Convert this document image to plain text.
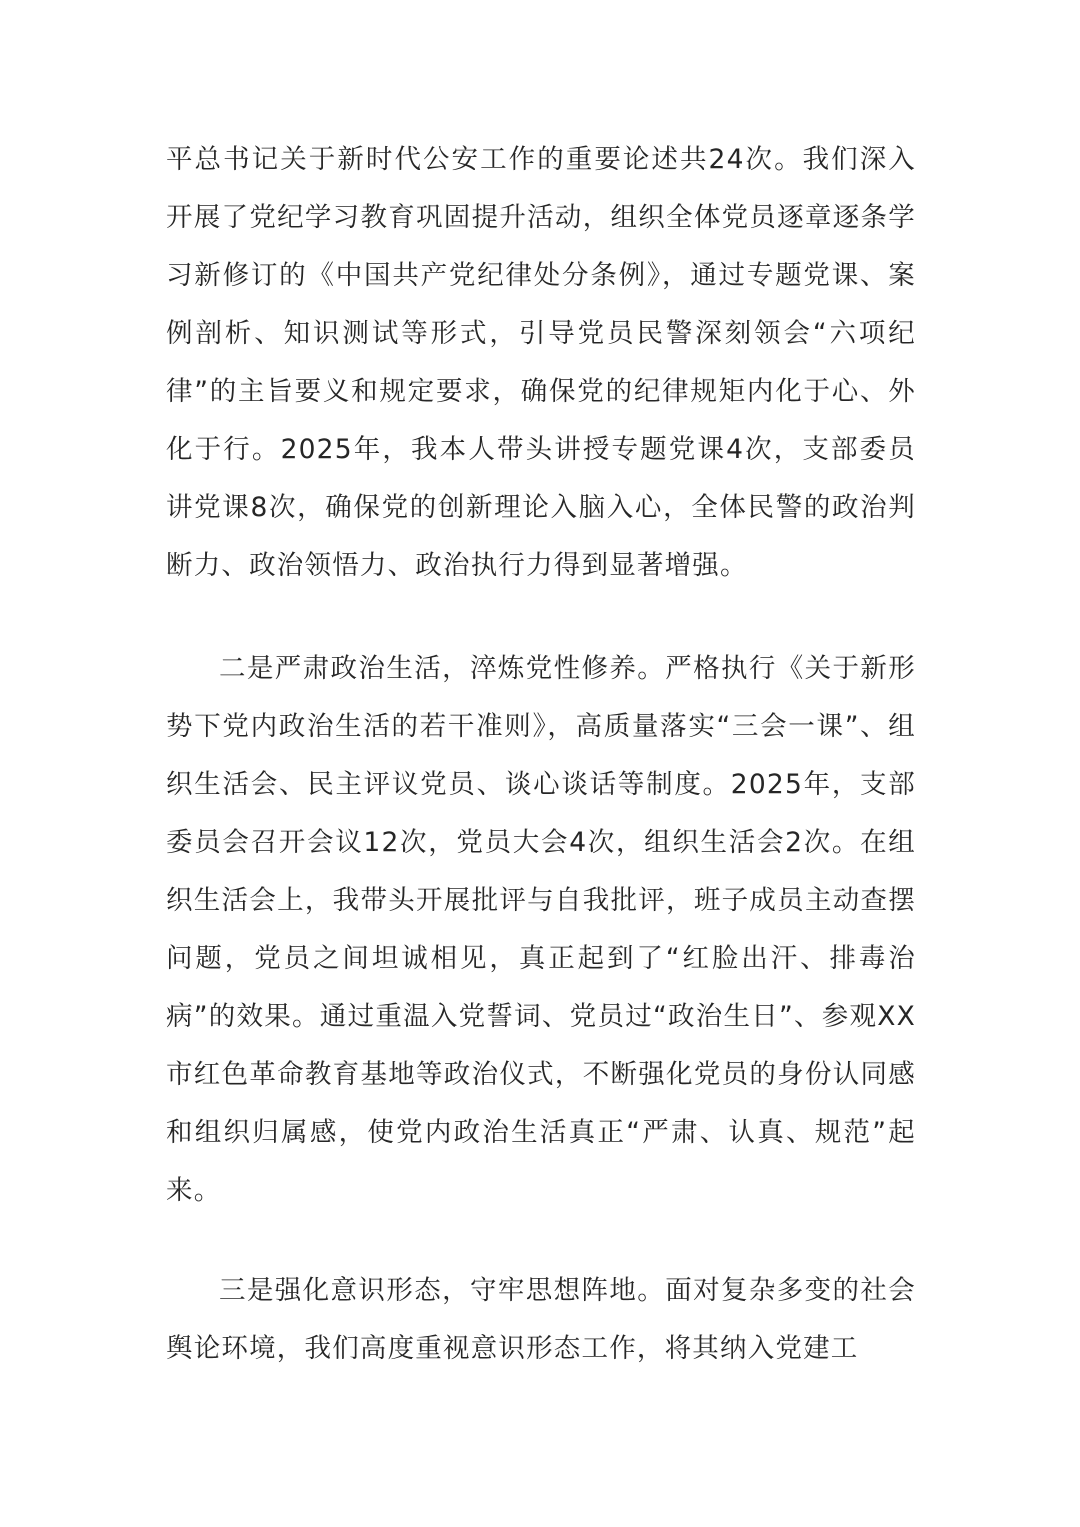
平总书记关于新时代公安工作的重要论述共24次。我们深入开展了党纪学习教育巩固提升活动，组织全体党员逐章逐条学习新修订的《中国共产党纪律处分条例》，通过专题党课、案例剖析、知识测试等形式，引导党员民警深刻领会“六项纪律”的主旨要义和规定要求，确保党的纪律规矩内化于心、外化于行。2025年，我本人带头讲授专题党课4次，支部委员讲党课8次，确保党的创新理论入脑入心，全体民警的政治判断力、政治领悟力、政治执行力得到显著增强。

二是严肃政治生活，淬炼党性修养。严格执行《关于新形势下党内政治生活的若干准则》，高质量落实“三会一课”、组织生活会、民主评议党员、谈心谈话等制度。2025年，支部委员会召开会议12次，党员大会4次，组织生活会2次。在组织生活会上，我带头开展批评与自我批评，班子成员主动查摆问题，党员之间坦诚相见，真正起到了“红脸出汗、排毒治病”的效果。通过重温入党誓词、党员过“政治生日”、参观XX市红色革命教育基地等政治仪式，不断强化党员的身份认同感和组织归属感，使党内政治生活真正“严肃、认真、规范”起来。

三是强化意识形态，守牢思想阵地。面对复杂多变的社会舆论环境，我们高度重视意识形态工作，将其纳入党建工
